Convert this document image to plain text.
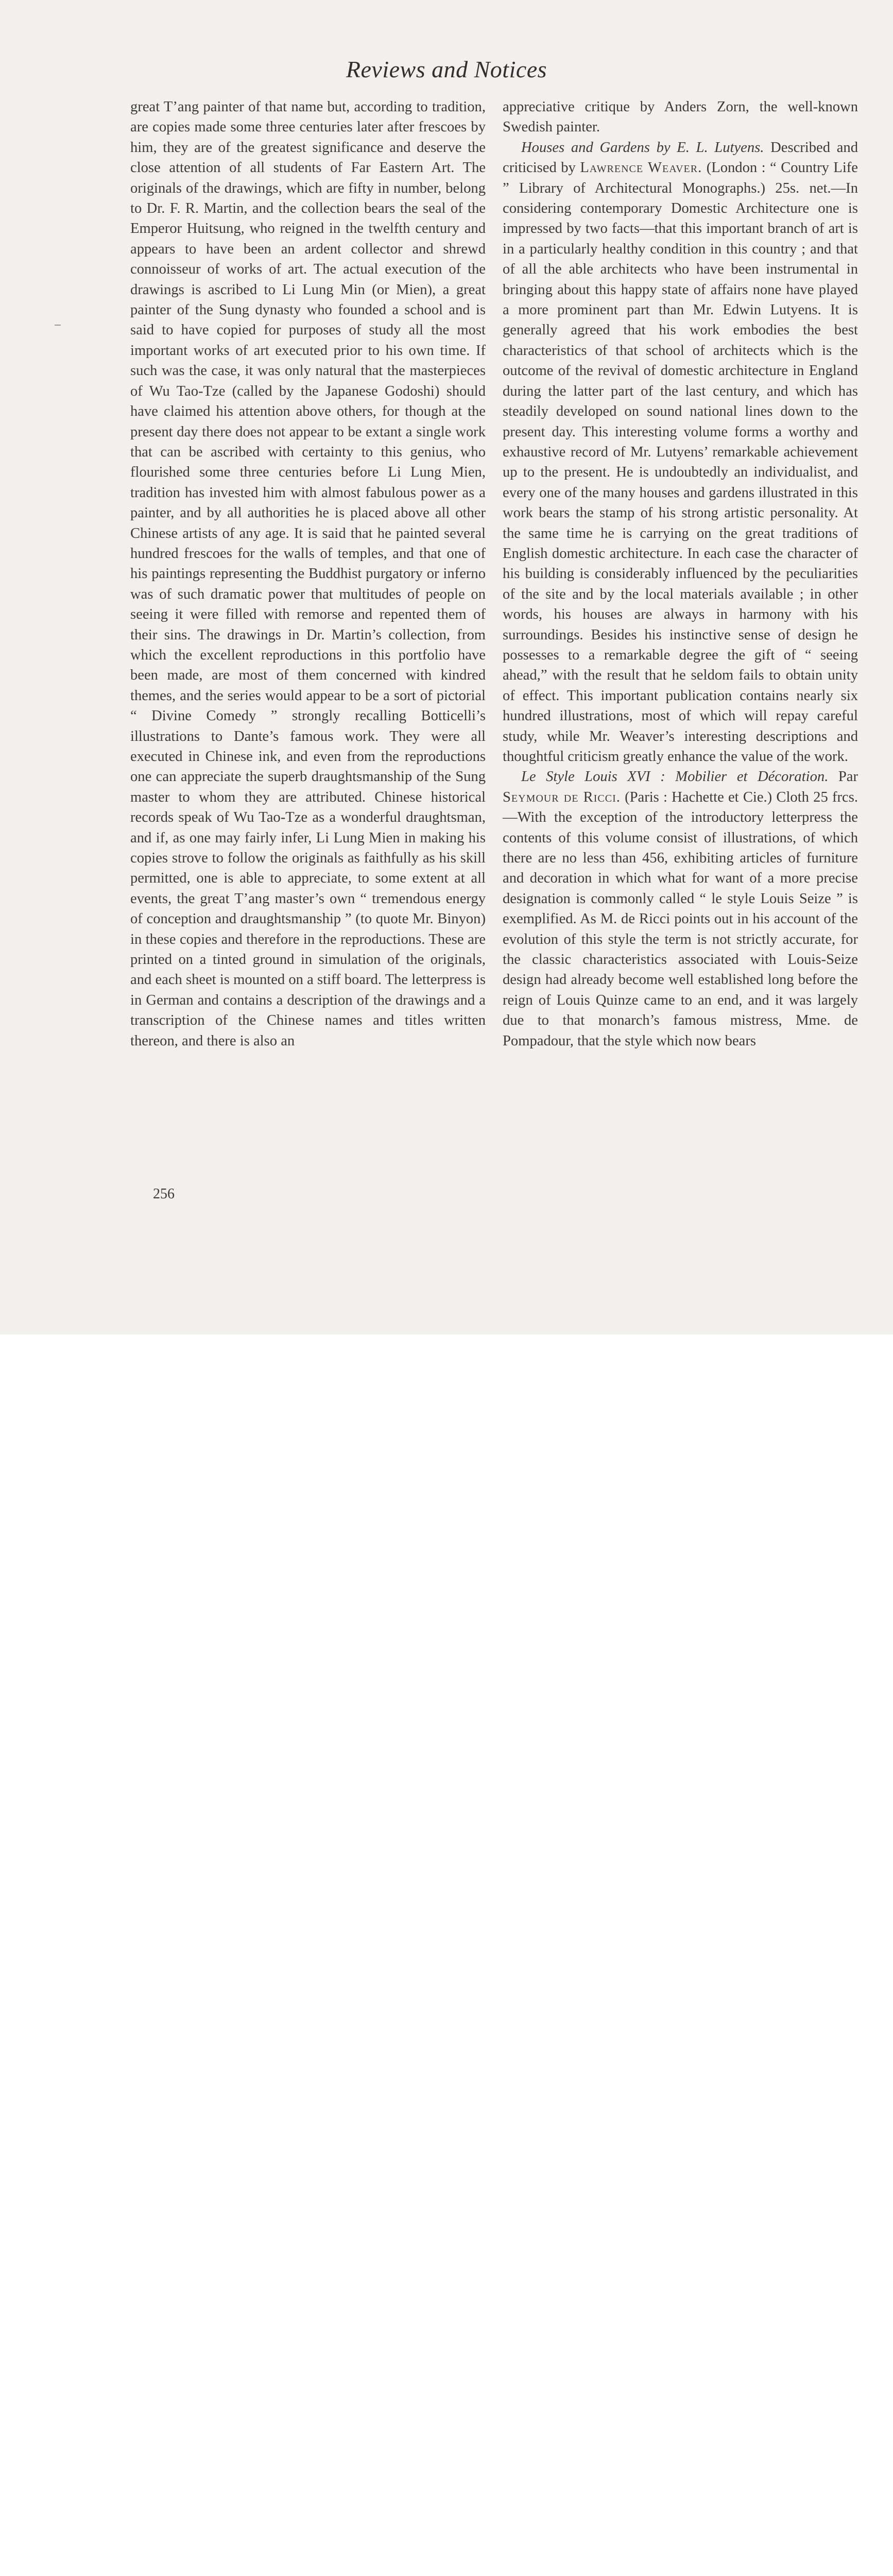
Reviews and Notices

great T’ang painter of that name but, according to tradition, are copies made some three centuries later after frescoes by him, they are of the greatest significance and deserve the close attention of all students of Far Eastern Art. The originals of the drawings, which are fifty in number, belong to Dr. F. R. Martin, and the collection bears the seal of the Emperor Huitsung, who reigned in the twelfth century and appears to have been an ardent collector and shrewd connoisseur of works of art. The actual execution of the drawings is ascribed to Li Lung Min (or Mien), a great painter of the Sung dynasty who founded a school and is said to have copied for purposes of study all the most important works of art executed prior to his own time. If such was the case, it was only natural that the masterpieces of Wu Tao-Tze (called by the Japanese Godoshi) should have claimed his attention above others, for though at the present day there does not appear to be extant a single work that can be ascribed with certainty to this genius, who flourished some three centuries before Li Lung Mien, tradition has invested him with almost fabulous power as a painter, and by all authorities he is placed above all other Chinese artists of any age. It is said that he painted several hundred frescoes for the walls of temples, and that one of his paintings representing the Buddhist purgatory or inferno was of such dramatic power that multitudes of people on seeing it were filled with remorse and repented them of their sins. The drawings in Dr. Martin’s collection, from which the excellent reproductions in this portfolio have been made, are most of them concerned with kindred themes, and the series would appear to be a sort of pictorial “ Divine Comedy ” strongly recalling Botticelli’s illustrations to Dante’s famous work. They were all executed in Chinese ink, and even from the reproductions one can appreciate the superb draughtsmanship of the Sung master to whom they are attributed. Chinese historical records speak of Wu Tao-Tze as a wonderful draughtsman, and if, as one may fairly infer, Li Lung Mien in making his copies strove to follow the originals as faithfully as his skill permitted, one is able to appreciate, to some extent at all events, the great T’ang master’s own “ tremendous energy of conception and draughtsmanship ” (to quote Mr. Binyon) in these copies and therefore in the reproductions. These are printed on a tinted ground in simulation of the originals, and each sheet is mounted on a stiff board. The letterpress is in German and contains a description of the drawings and a transcription of the Chinese names and titles written thereon, and there is also an

256

appreciative critique by Anders Zorn, the well-known Swedish painter.

Houses and Gardens by E. L. Lutyens. Described and criticised by Lawrence Weaver. (London : “ Country Life ” Library of Architectural Monographs.) 25s. net.—In considering contemporary Domestic Architecture one is impressed by two facts—that this important branch of art is in a particularly healthy condition in this country ; and that of all the able architects who have been instrumental in bringing about this happy state of affairs none have played a more prominent part than Mr. Edwin Lutyens. It is generally agreed that his work embodies the best characteristics of that school of architects which is the outcome of the revival of domestic architecture in England during the latter part of the last century, and which has steadily developed on sound national lines down to the present day. This interesting volume forms a worthy and exhaustive record of Mr. Lutyens’ remarkable achievement up to the present. He is undoubtedly an individualist, and every one of the many houses and gardens illustrated in this work bears the stamp of his strong artistic personality. At the same time he is carrying on the great traditions of English domestic architecture. In each case the character of his building is considerably influenced by the peculiarities of the site and by the local materials available ; in other words, his houses are always in harmony with his surroundings. Besides his instinctive sense of design he possesses to a remarkable degree the gift of “ seeing ahead,” with the result that he seldom fails to obtain unity of effect. This important publication contains nearly six hundred illustrations, most of which will repay careful study, while Mr. Weaver’s interesting descriptions and thoughtful criticism greatly enhance the value of the work.

Le Style Louis XVI : Mobilier et Décoration. Par Seymour de Ricci. (Paris : Hachette et Cie.) Cloth 25 frcs.—With the exception of the introductory letterpress the contents of this volume consist of illustrations, of which there are no less than 456, exhibiting articles of furniture and decoration in which what for want of a more precise designation is commonly called “ le style Louis Seize ” is exemplified. As M. de Ricci points out in his account of the evolution of this style the term is not strictly accurate, for the classic characteristics associated with Louis-Seize design had already become well established long before the reign of Louis Quinze came to an end, and it was largely due to that monarch’s famous mistress, Mme. de Pompadour, that the style which now bears
